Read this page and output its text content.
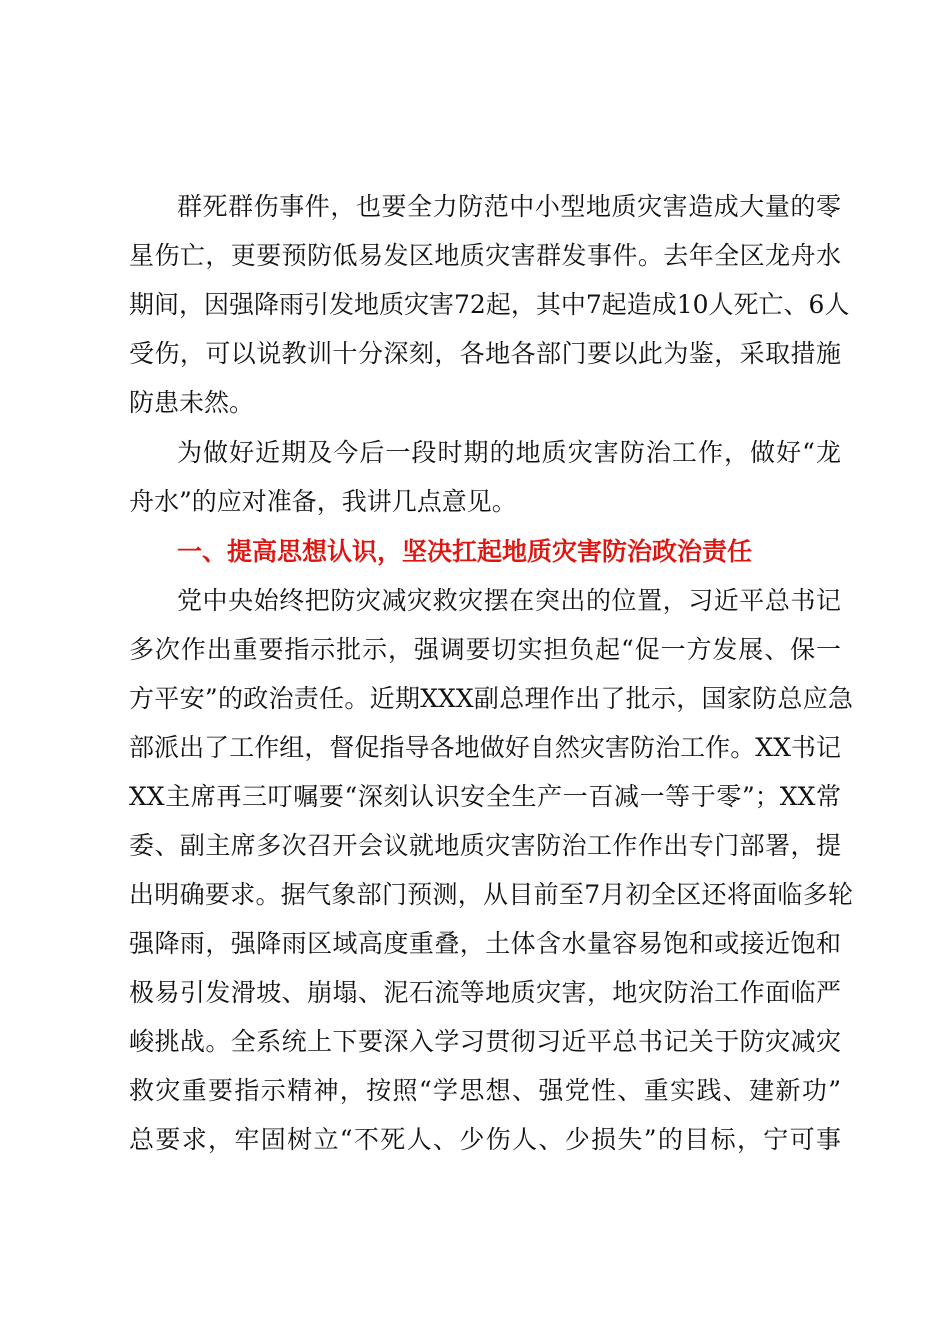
群死群伤事件，也要全力防范中小型地质灾害造成大量的零
星伤亡，更要预防低易发区地质灾害群发事件。去年全区龙舟水
期间，因强降雨引发地质灾害72起，其中7起造成10人死亡、6人
受伤，可以说教训十分深刻，各地各部门要以此为鉴，采取措施
防患未然。
为做好近期及今后一段时期的地质灾害防治工作，做好“龙
舟水”的应对准备，我讲几点意见。
一、提高思想认识，坚决扛起地质灾害防治政治责任
党中央始终把防灾减灾救灾摆在突出的位置，习近平总书记
多次作出重要指示批示，强调要切实担负起“促一方发展、保一
方平安”的政治责任。近期XXX副总理作出了批示，国家防总应急
部派出了工作组，督促指导各地做好自然灾害防治工作。XX书记
XX主席再三叮嘱要“深刻认识安全生产一百减一等于零”；XX常
委、副主席多次召开会议就地质灾害防治工作作出专门部署，提
出明确要求。据气象部门预测，从目前至7月初全区还将面临多轮
强降雨，强降雨区域高度重叠，土体含水量容易饱和或接近饱和
极易引发滑坡、崩塌、泥石流等地质灾害，地灾防治工作面临严
峻挑战。全系统上下要深入学习贯彻习近平总书记关于防灾减灾
救灾重要指示精神，按照“学思想、强党性、重实践、建新功”
总要求，牢固树立“不死人、少伤人、少损失”的目标，宁可事
